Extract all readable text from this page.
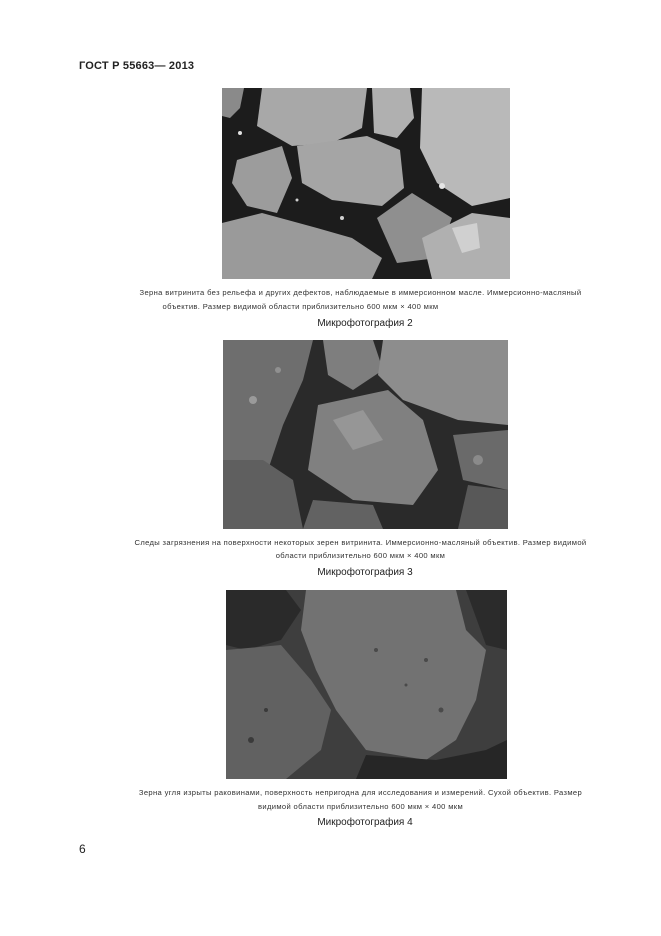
ГОСТ Р 55663— 2013
Зерна витринита без рельефа и других дефектов, наблюдаемые в иммерсионном масле. Иммерсионно-масляный
объектив. Размер видимой области приблизительно 600 мкм × 400 мкм
Микрофотография 2
Следы загрязнения на поверхности некоторых зерен витринита. Иммерсионно-масляный объектив. Размер видимой
области приблизительно 600 мкм × 400 мкм
Микрофотография 3
Зерна угля изрыты раковинами, поверхность непригодна для исследования и измерений. Сухой объектив. Размер
видимой области приблизительно 600 мкм × 400 мкм
Микрофотография 4
6
